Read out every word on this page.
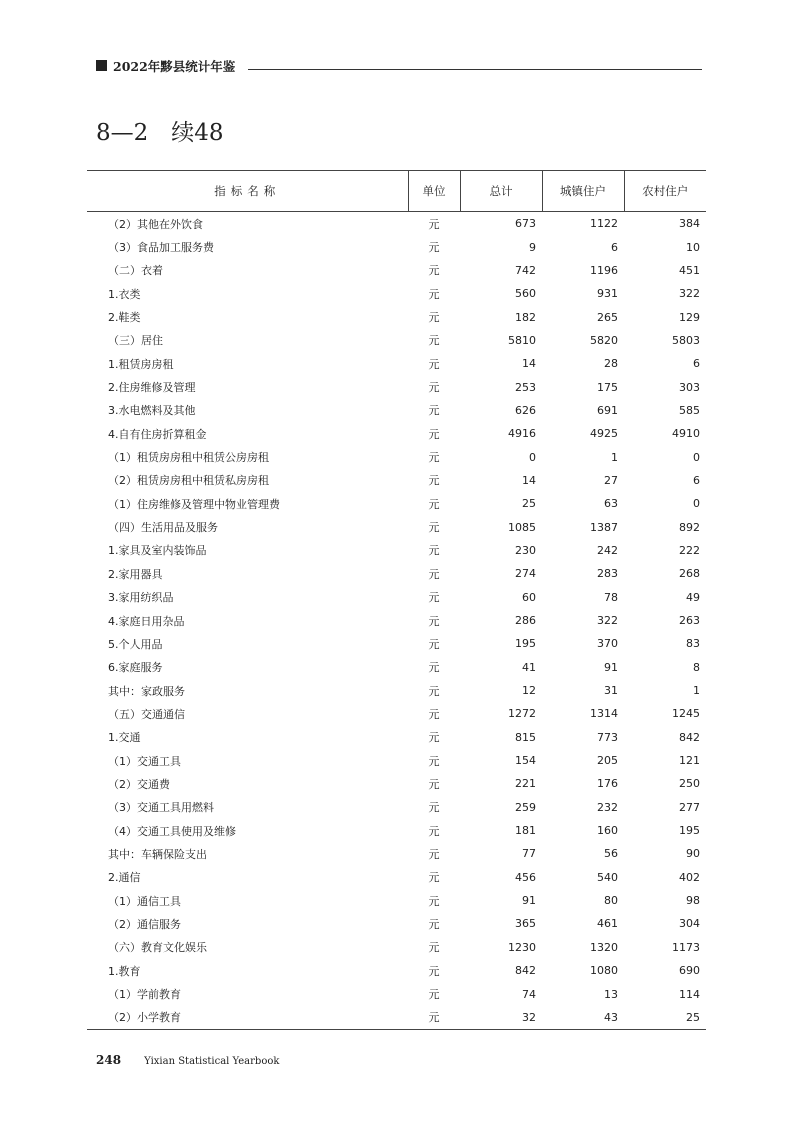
2022年黟县统计年鉴
8—2　续48
指标名称	单位	总计	城镇住户	农村住户
（2）其他在外饮食	元	673	1122	384
（3）食品加工服务费	元	9	6	10
（二）衣着	元	742	1196	451
1.衣类	元	560	931	322
2.鞋类	元	182	265	129
（三）居住	元	5810	5820	5803
1.租赁房房租	元	14	28	6
2.住房维修及管理	元	253	175	303
3.水电燃料及其他	元	626	691	585
4.自有住房折算租金	元	4916	4925	4910
（1）租赁房房租中租赁公房房租	元	0	1	0
（2）租赁房房租中租赁私房房租	元	14	27	6
（1）住房维修及管理中物业管理费	元	25	63	0
（四）生活用品及服务	元	1085	1387	892
1.家具及室内装饰品	元	230	242	222
2.家用器具	元	274	283	268
3.家用纺织品	元	60	78	49
4.家庭日用杂品	元	286	322	263
5.个人用品	元	195	370	83
6.家庭服务	元	41	91	8
其中：家政服务	元	12	31	1
（五）交通通信	元	1272	1314	1245
1.交通	元	815	773	842
（1）交通工具	元	154	205	121
（2）交通费	元	221	176	250
（3）交通工具用燃料	元	259	232	277
（4）交通工具使用及维修	元	181	160	195
其中：车辆保险支出	元	77	56	90
2.通信	元	456	540	402
（1）通信工具	元	91	80	98
（2）通信服务	元	365	461	304
（六）教育文化娱乐	元	1230	1320	1173
1.教育	元	842	1080	690
（1）学前教育	元	74	13	114
（2）小学教育	元	32	43	25
248 Yixian Statistical Yearbook
